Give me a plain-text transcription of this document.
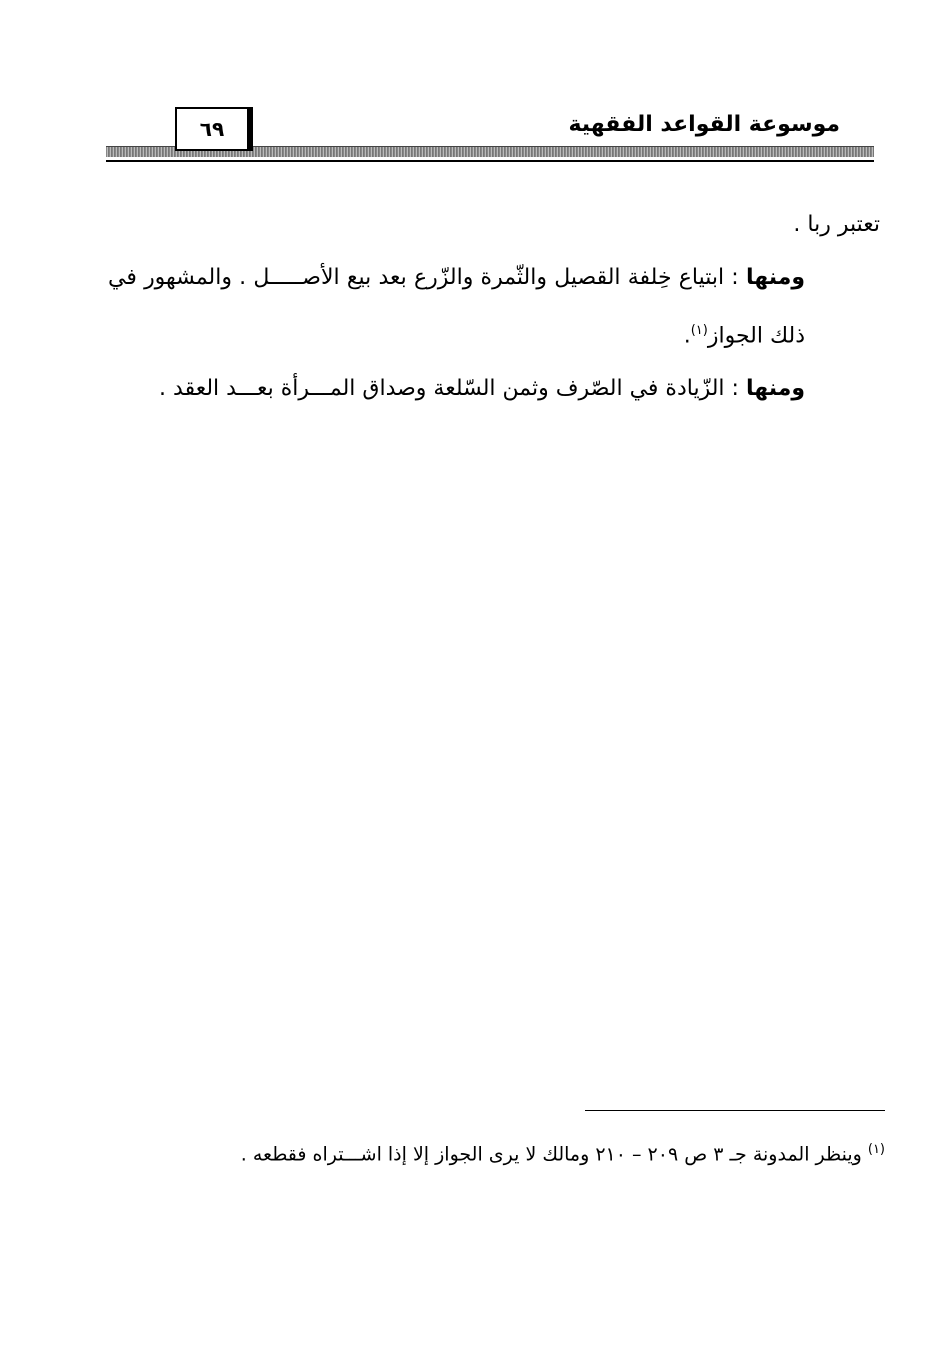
موسوعة القواعد الفقهية
٦٩

تعتبر ربا .

ومنها : ابتياع خِلفة القصيل والثّمرة والزّرع بعد بيع الأصـــــل . والمشهور في ذلك الجواز$^{(١)}$.

ومنها : الزّيادة في الصّرف وثمن السّلعة وصداق المـــرأة بعـــد العقد .

$^{(١)}$ وينظر المدونة جـ ٣ ص ٢٠٩ – ٢١٠ ومالك لا يرى الجواز إلا إذا اشـــتراه فقطعه .
